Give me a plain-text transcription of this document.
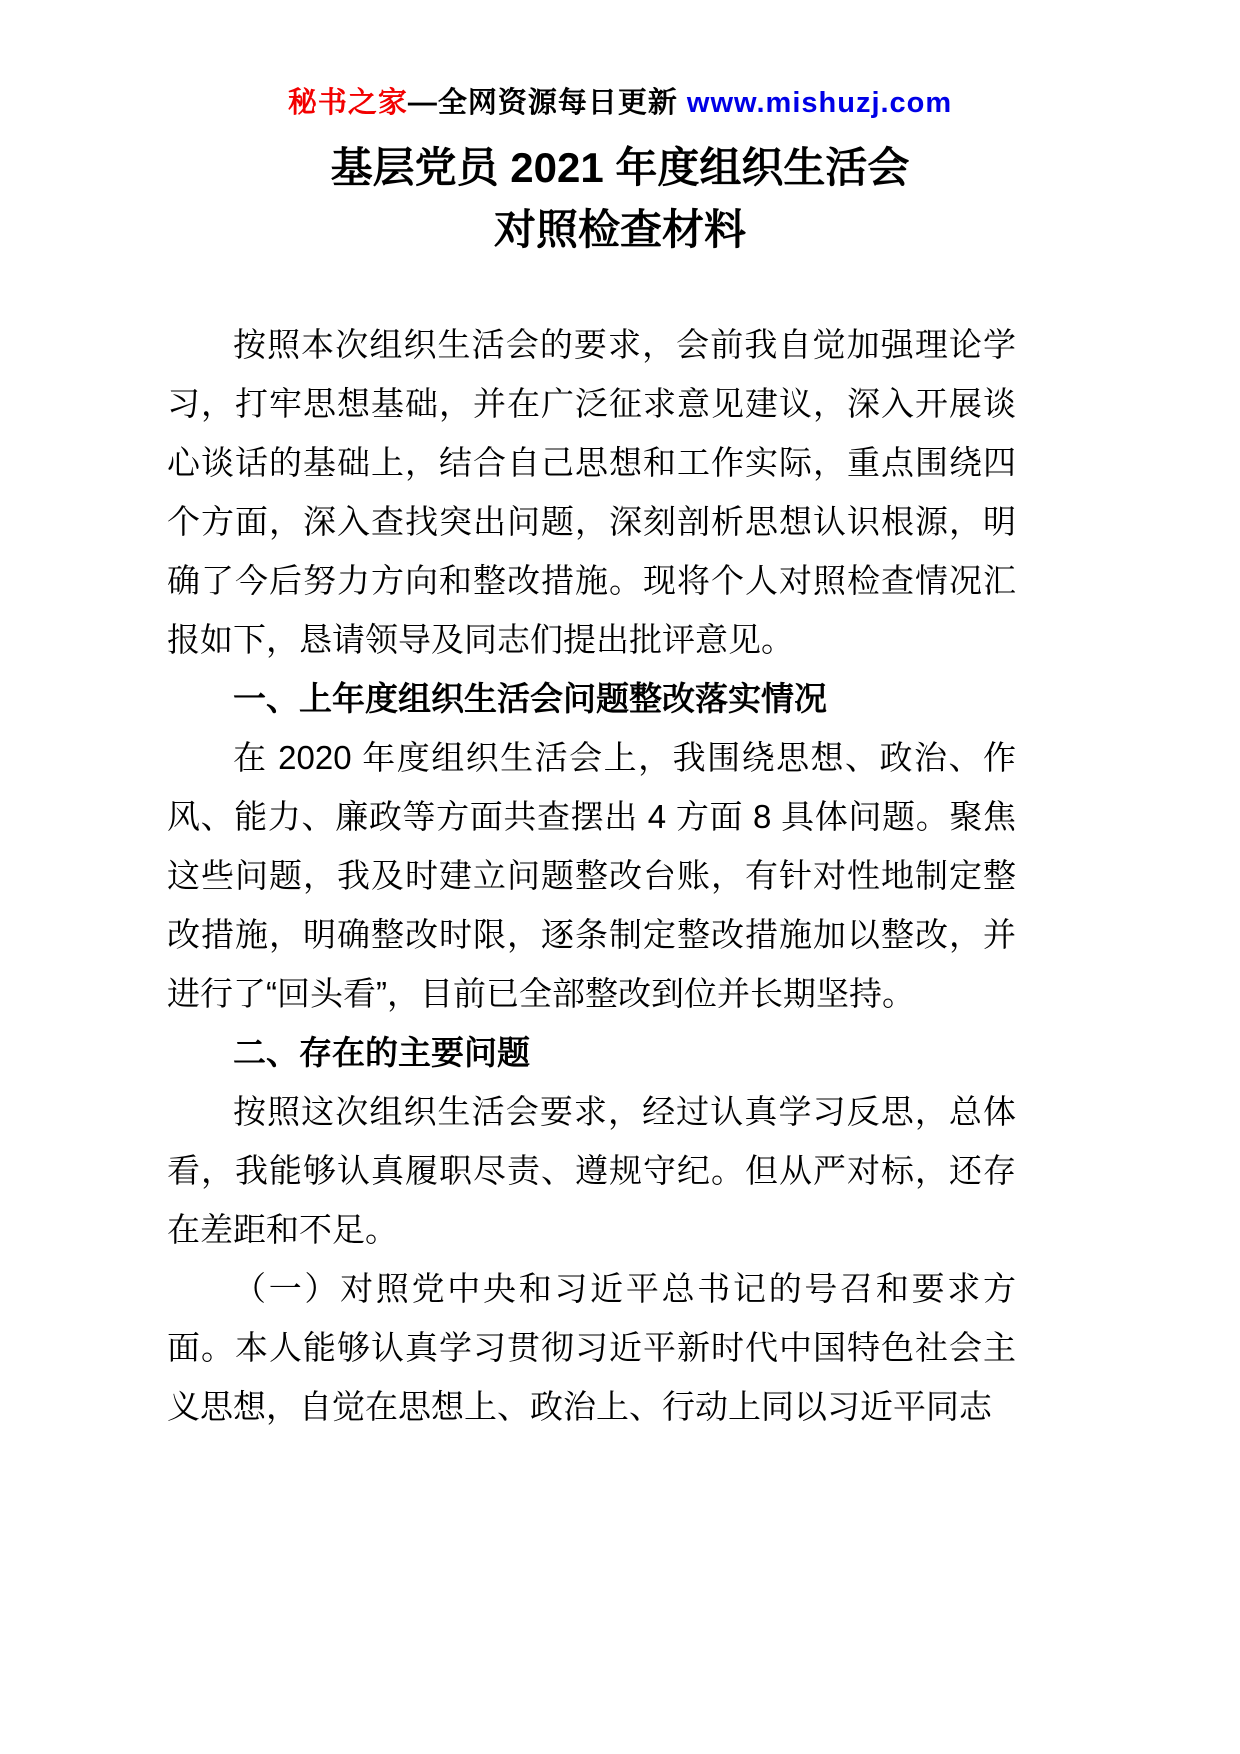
秘书之家—全网资源每日更新 www.mishuzj.com
基层党员 2021 年度组织生活会
对照检查材料

按照本次组织生活会的要求，会前我自觉加强理论学习，打牢思想基础，并在广泛征求意见建议，深入开展谈心谈话的基础上，结合自己思想和工作实际，重点围绕四个方面，深入查找突出问题，深刻剖析思想认识根源，明确了今后努力方向和整改措施。现将个人对照检查情况汇报如下，恳请领导及同志们提出批评意见。

一、上年度组织生活会问题整改落实情况

在 2020 年度组织生活会上，我围绕思想、政治、作风、能力、廉政等方面共查摆出 4 方面 8 具体问题。聚焦这些问题，我及时建立问题整改台账，有针对性地制定整改措施，明确整改时限，逐条制定整改措施加以整改，并进行了“回头看”，目前已全部整改到位并长期坚持。

二、存在的主要问题

按照这次组织生活会要求，经过认真学习反思，总体看，我能够认真履职尽责、遵规守纪。但从严对标，还存在差距和不足。

（一）对照党中央和习近平总书记的号召和要求方面。本人能够认真学习贯彻习近平新时代中国特色社会主义思想，自觉在思想上、政治上、行动上同以习近平同志
